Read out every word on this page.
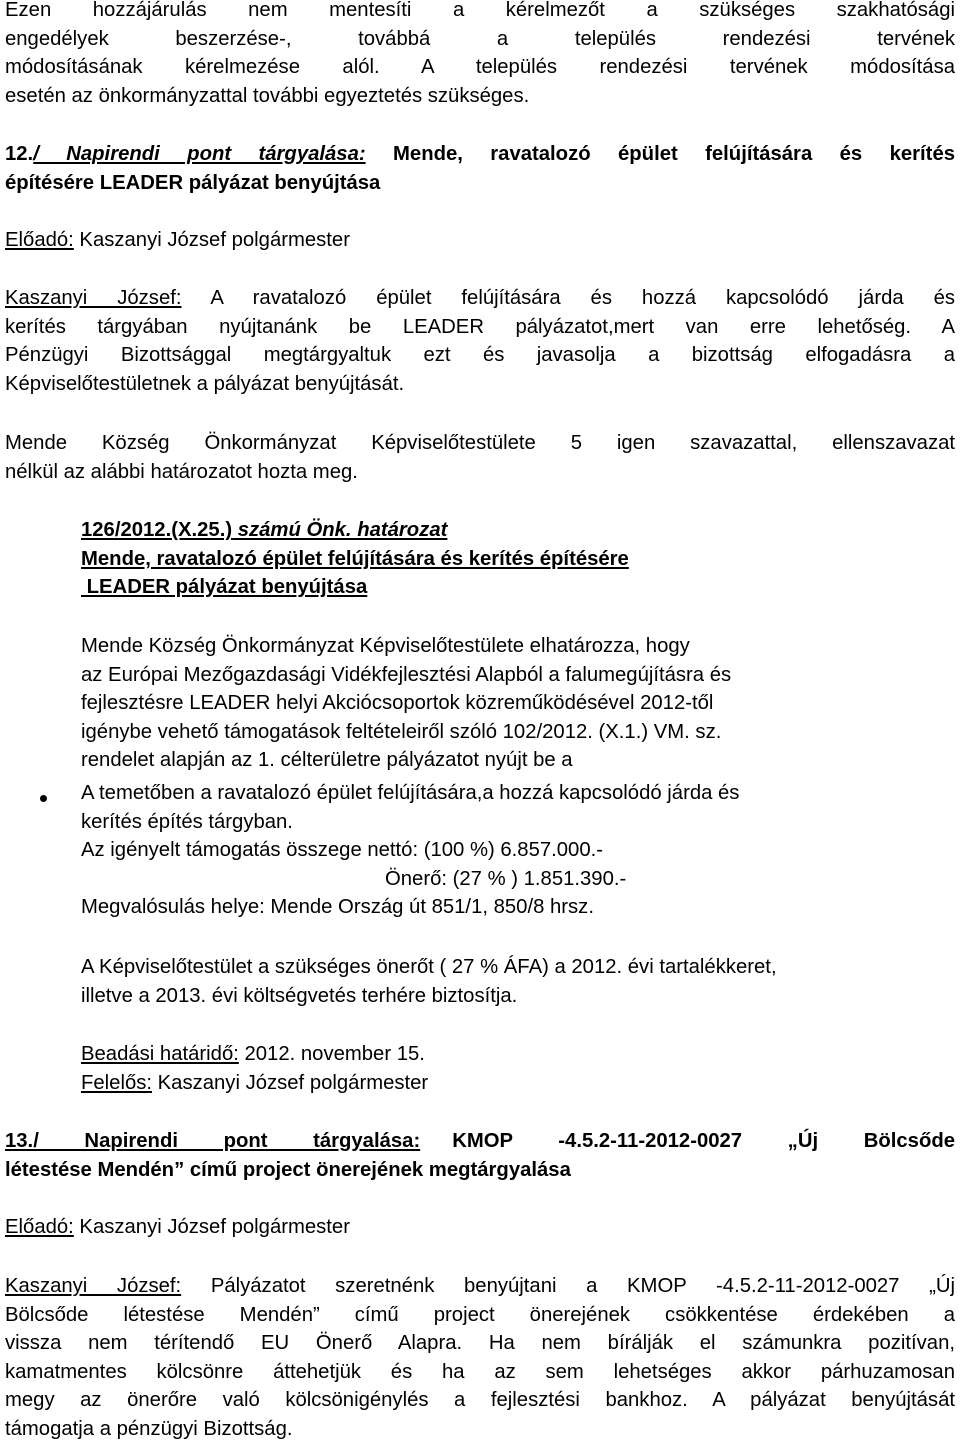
Ezen hozzájárulás nem mentesíti a kérelmezőt a szükséges szakhatósági

engedélyek beszerzése-, továbbá a település rendezési tervének

módosításának kérelmezése alól. A település rendezési tervének módosítása

esetén az önkormányzattal további egyeztetés szükséges.

12./ Napirendi pont tárgyalása: Mende, ravatalozó épület felújítására és kerítés

építésére LEADER pályázat benyújtása

Előadó: Kaszanyi József polgármester

Kaszanyi József: A ravatalozó épület felújítására és hozzá kapcsolódó járda és

kerítés tárgyában nyújtanánk be LEADER pályázatot,mert van erre lehetőség. A

Pénzügyi Bizottsággal megtárgyaltuk ezt és javasolja a bizottság elfogadásra a

Képviselőtestületnek a pályázat benyújtását.

Mende Község Önkormányzat Képviselőtestülete 5 igen szavazattal, ellenszavazat

nélkül az alábbi határozatot hozta meg.

126/2012.(X.25.) számú Önk. határozat

Mende, ravatalozó épület felújítására és kerítés építésére

LEADER pályázat benyújtása

Mende Község Önkormányzat Képviselőtestülete elhatározza, hogy

az Európai Mezőgazdasági Vidékfejlesztési Alapból a falumegújításra és

fejlesztésre LEADER helyi Akciócsoportok közreműködésével 2012-től

igénybe vehető támogatások feltételeiről szóló 102/2012. (X.1.) VM. sz.

rendelet alapján az 1. célterületre pályázatot nyújt be a

A temetőben a ravatalozó épület felújítására,a hozzá kapcsolódó járda és

kerítés építés tárgyban.

Az igényelt támogatás összege nettó: (100 %) 6.857.000.-

Önerő: (27 % ) 1.851.390.-

Megvalósulás helye: Mende Ország út 851/1, 850/8 hrsz.

A Képviselőtestület a szükséges önerőt ( 27 % ÁFA) a 2012. évi tartalékkeret,

illetve a 2013. évi költségvetés terhére biztosítja.

Beadási határidő: 2012. november 15.

Felelős: Kaszanyi József polgármester

13./ Napirendi pont tárgyalása: KMOP -4.5.2-11-2012-0027 „Új Bölcsőde

létestése Mendén” című project önerejének megtárgyalása

Előadó: Kaszanyi József polgármester

Kaszanyi József: Pályázatot szeretnénk benyújtani a KMOP -4.5.2-11-2012-0027 „Új

Bölcsőde létestése Mendén” című project önerejének csökkentése érdekében a

vissza nem térítendő EU Önerő Alapra. Ha nem bírálják el számunkra pozitívan,

kamatmentes kölcsönre áttehetjük és ha az sem lehetséges akkor párhuzamosan

megy az önerőre való kölcsönigénylés a fejlesztési bankhoz. A pályázat benyújtását

támogatja a pénzügyi Bizottság.
